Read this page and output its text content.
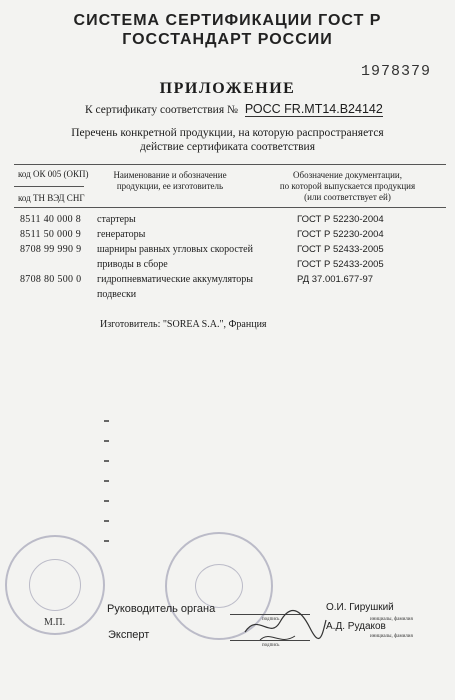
СИСТЕМА СЕРТИФИКАЦИИ ГОСТ Р
ГОССТАНДАРТ РОССИИ
1978379
ПРИЛОЖЕНИЕ
К сертификату соответствия № РОСС FR.MT14.B24142
Перечень конкретной продукции, на которую распространяется
действие сертификата соответствия
код ОК 005 (ОКП)	Наименование и обозначение
продукции, ее изготовитель
Обозначение документации,
по которой выпускается продукция
(или соответствует ей)
код ТН ВЭД СНГ
8511 40 000 8	стартеры	ГОСТ Р 52230-2004
8511 50 000 9	генераторы	ГОСТ Р 52230-2004
8708 99 990 9	шарниры равных угловых скоростей	ГОСТ Р 52433-2005
приводы в сборе	ГОСТ Р 52433-2005
8708 80 500 0	гидропневматические аккумуляторы	РД 37.001.677-97
подвески
Изготовитель: "SOREA S.A.", Франция
М.П.
Руководитель органа
подпись
О.И. Гирушкий
инициалы, фамилия
Эксперт
подпись
А.Д. Рудаков
инициалы, фамилия
